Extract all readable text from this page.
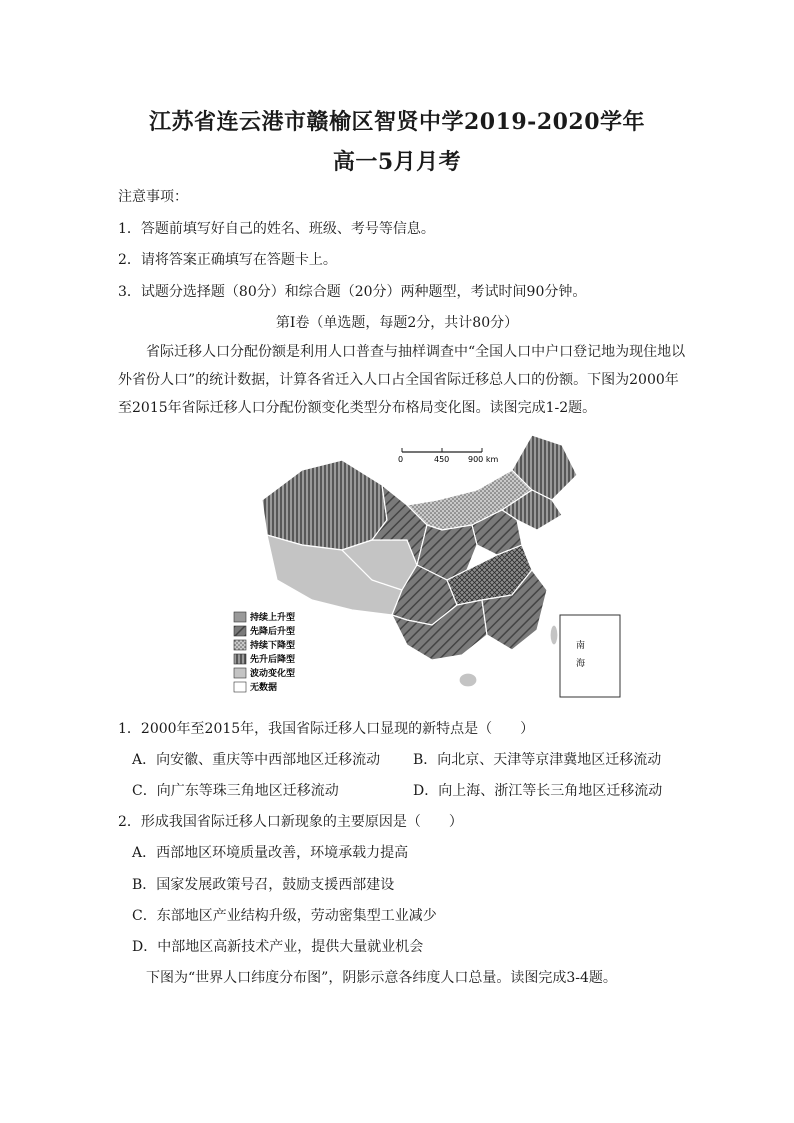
江苏省连云港市赣榆区智贤中学2019-2020学年
高一5月月考
注意事项：
1．答题前填写好自己的姓名、班级、考号等信息。
2．请将答案正确填写在答题卡上。
3．试题分选择题（80分）和综合题（20分）两种题型，考试时间90分钟。
第Ⅰ卷（单选题，每题2分，共计80分）
省际迁移人口分配份额是利用人口普查与抽样调查中“全国人口中户口登记地为现住地以外省份人口”的统计数据，计算各省迁入人口占全国省际迁移总人口的份额。下图为2000年至2015年省际迁移人口分配份额变化类型分布格局变化图。读图完成1-2题。
0	450 900 km
南
海
持续上升型
先降后升型
持续下降型
先升后降型
波动变化型
无数据
1．2000年至2015年，我国省际迁移人口显现的新特点是（　　）
A．向安徽、重庆等中西部地区迁移流动 B．向北京、天津等京津冀地区迁移流动
C．向广东等珠三角地区迁移流动	D．向上海、浙江等长三角地区迁移流动
2．形成我国省际迁移人口新现象的主要原因是（　　）
A．西部地区环境质量改善，环境承载力提高
B．国家发展政策号召，鼓励支援西部建设
C．东部地区产业结构升级，劳动密集型工业减少
D．中部地区高新技术产业，提供大量就业机会
下图为“世界人口纬度分布图”，阴影示意各纬度人口总量。读图完成3-4题。
